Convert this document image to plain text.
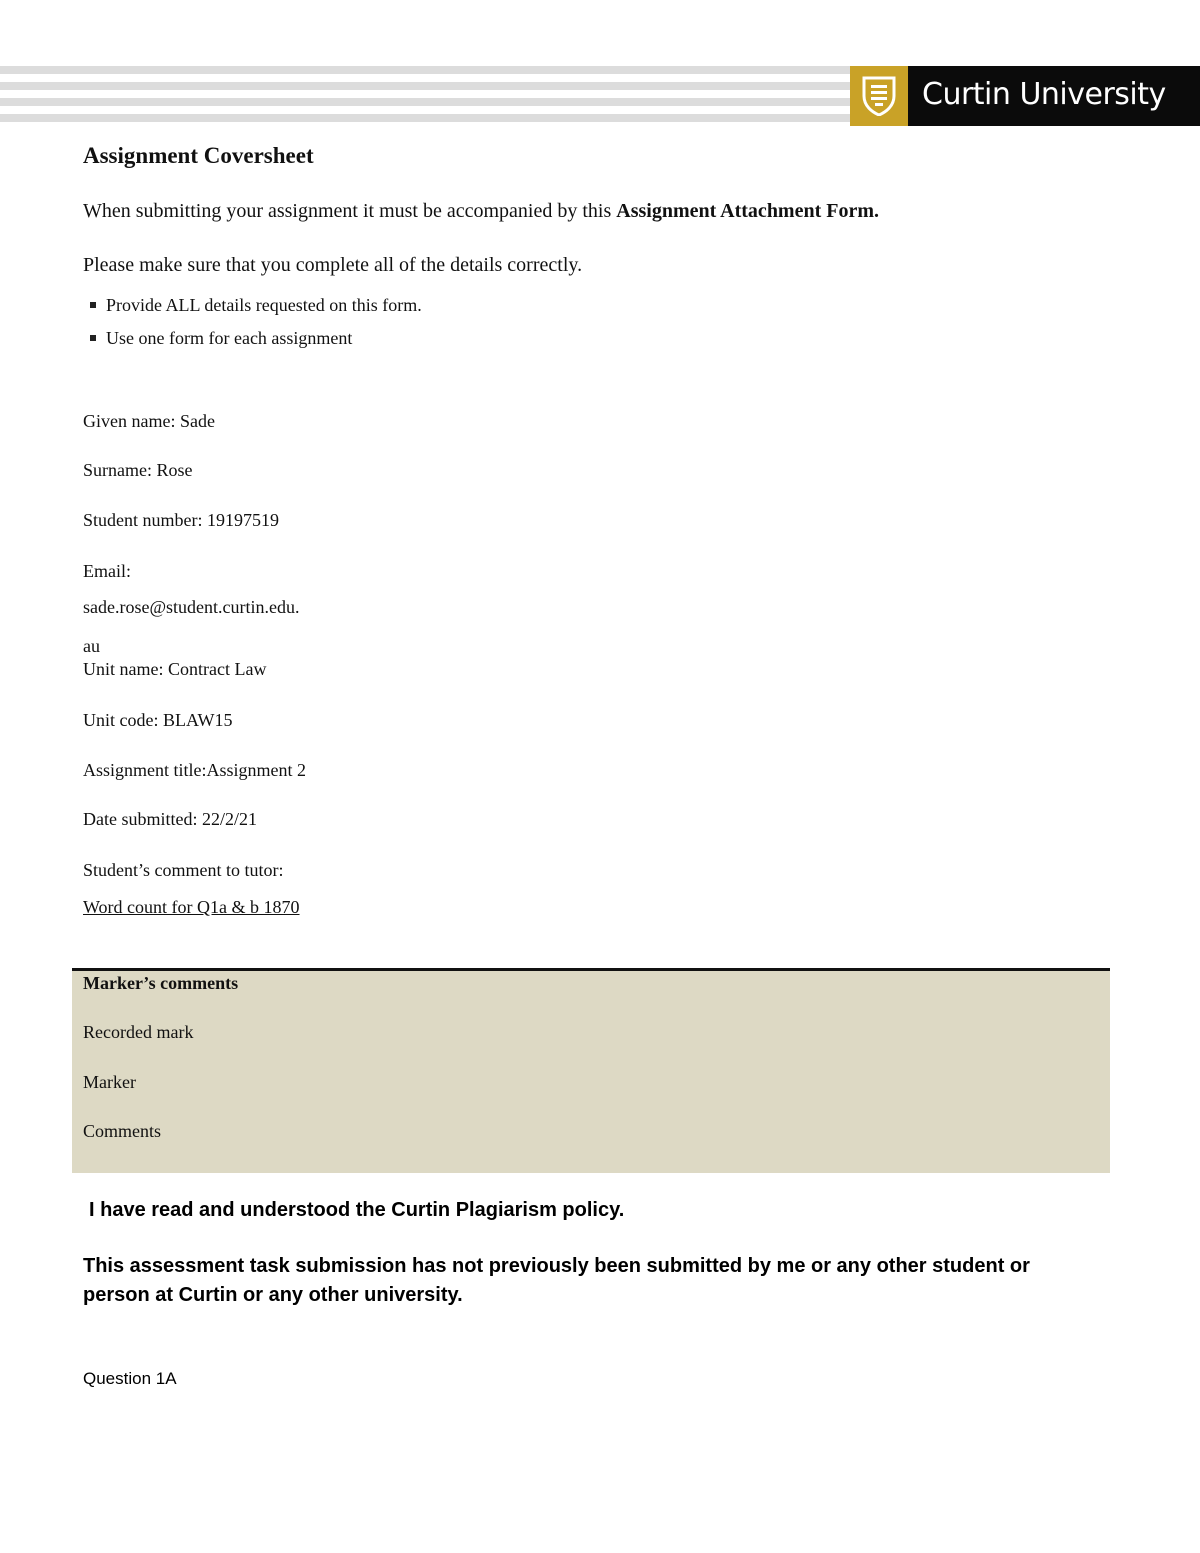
Curtin University
Assignment Coversheet
When submitting your assignment it must be accompanied by this Assignment Attachment Form.
Please make sure that you complete all of the details correctly.
Provide ALL details requested on this form.
Use one form for each assignment
Given name: Sade
Surname: Rose
Student number: 19197519
Email:
sade.rose@student.curtin.edu.
au
Unit name: Contract Law
Unit code: BLAW15
Assignment title:Assignment 2
Date submitted: 22/2/21
Student’s comment to tutor:
Word count for Q1a & b 1870
Marker’s comments
Recorded mark
Marker
Comments
I have read and understood the Curtin Plagiarism policy.
This assessment task submission has not previously been submitted by me or any other student or
person at Curtin or any other university.
Question 1A
